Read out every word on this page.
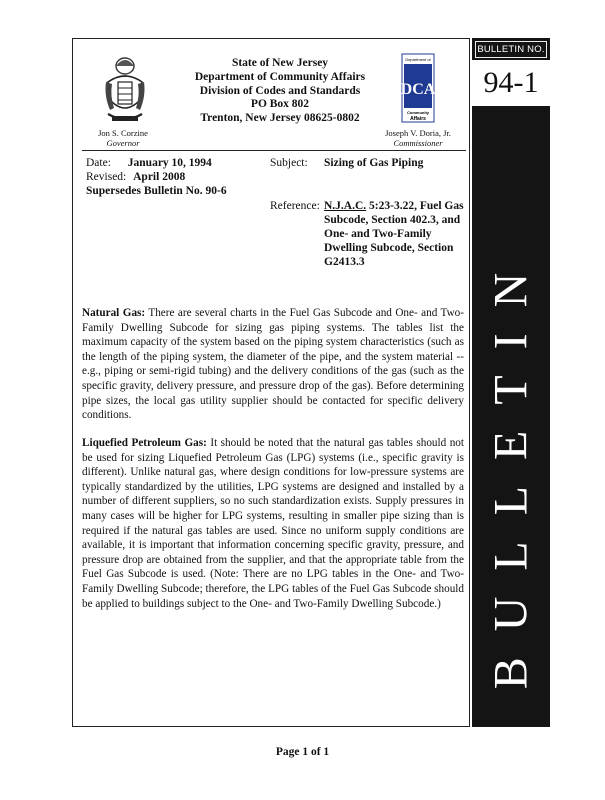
BULLETIN NO.
94-1
BULLETIN
Department of
Community
Affairs
DCA
State of New Jersey
Department of Community Affairs
Division of Codes and Standards
PO Box 802
Trenton, New Jersey 08625-0802
Jon S. Corzine
Governor
Joseph V. Doria, Jr.
Commissioner
Date: January 10, 1994
Revised: April 2008
Supersedes Bulletin No. 90-6
Subject: Sizing of Gas Piping
Reference: N.J.A.C. 5:23-3.22, Fuel Gas Subcode, Section 402.3, and One- and Two-Family Dwelling Subcode, Section G2413.3
Natural Gas: There are several charts in the Fuel Gas Subcode and One- and Two-Family Dwelling Subcode for sizing gas piping systems. The tables list the maximum capacity of the system based on the piping system characteristics (such as the length of the piping system, the diameter of the pipe, and the system material -- e.g., piping or semi-rigid tubing) and the delivery conditions of the gas (such as the specific gravity, delivery pressure, and pressure drop of the gas). Before determining pipe sizes, the local gas utility supplier should be contacted for specific delivery conditions.
Liquefied Petroleum Gas: It should be noted that the natural gas tables should not be used for sizing Liquefied Petroleum Gas (LPG) systems (i.e., specific gravity is different). Unlike natural gas, where design conditions for low-pressure systems are typically standardized by the utilities, LPG systems are designed and installed by a number of different suppliers, so no such standardization exists. Supply pressures in many cases will be higher for LPG systems, resulting in smaller pipe sizing than is required if the natural gas tables are used. Since no uniform supply conditions are available, it is important that information concerning specific gravity, pressure, and pressure drop are obtained from the supplier, and that the appropriate table from the Fuel Gas Subcode is used. (Note: There are no LPG tables in the One- and Two-Family Dwelling Subcode; therefore, the LPG tables of the Fuel Gas Subcode should be applied to buildings subject to the One- and Two-Family Dwelling Subcode.)
Page 1 of 1
